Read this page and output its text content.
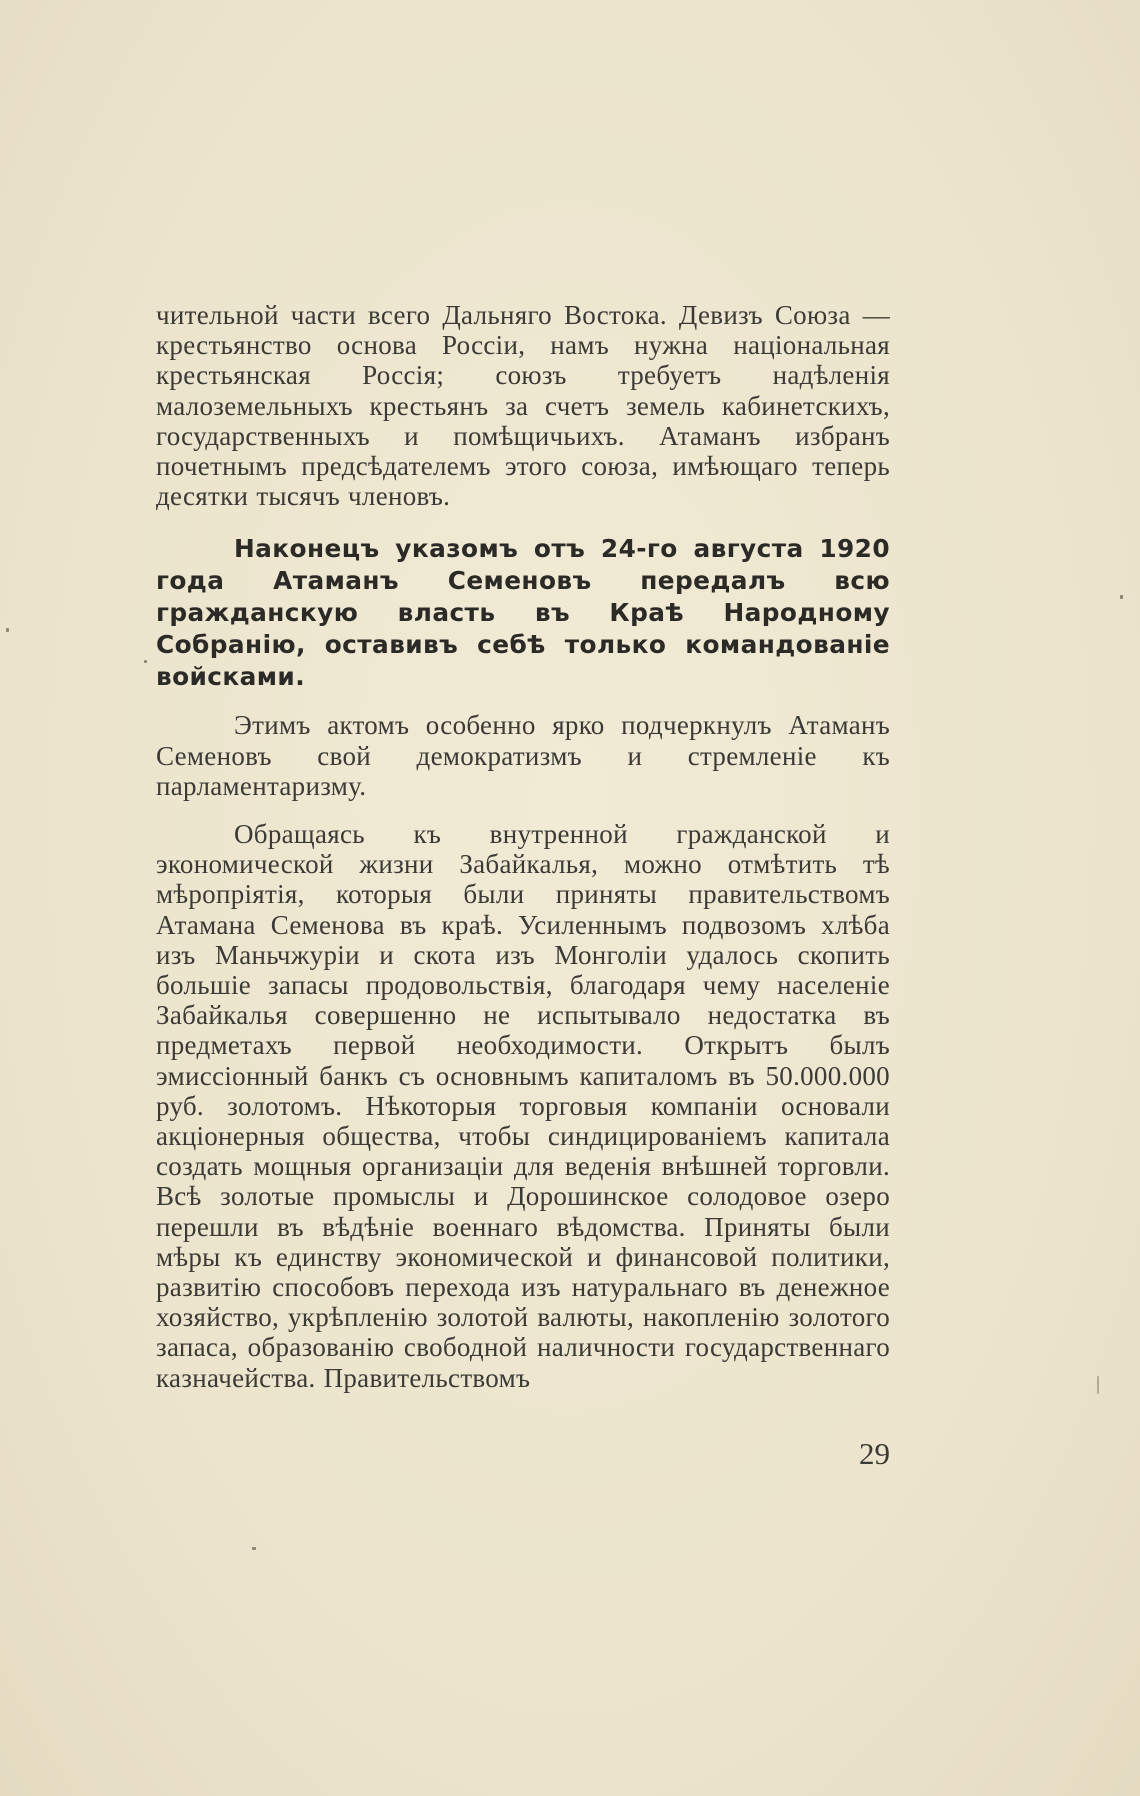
чительной части всего Дальняго Востока. Девизъ Союза — крестьянство основа Россіи, намъ нужна національная крестьянская Россія; союзъ требуетъ надѣленія малоземельныхъ крестьянъ за счетъ земель кабинетскихъ, государственныхъ и помѣщичьихъ. Атаманъ избранъ почетнымъ предсѣдателемъ этого союза, имѣющаго теперь десятки тысячъ членовъ.

Наконецъ указомъ отъ 24-го августа 1920 года Атаманъ Семеновъ передалъ всю гражданскую власть въ Краѣ Народному Собранію, оставивъ себѣ только командованіе войсками.

Этимъ актомъ особенно ярко подчеркнулъ Атаманъ Семеновъ свой демократизмъ и стремленіе къ парламентаризму.

Обращаясь къ внутренной гражданской и экономической жизни Забайкалья, можно отмѣтить тѣ мѣропріятія, которыя были приняты правительствомъ Атамана Семенова въ краѣ. Усиленнымъ подвозомъ хлѣба изъ Маньчжуріи и скота изъ Монголіи удалось скопить большіе запасы продовольствія, благодаря чему населеніе Забайкалья совершенно не испытывало недостатка въ предметахъ первой необходимости. Открытъ былъ эмиссіонный банкъ съ основнымъ капиталомъ въ 50.000.000 руб. золотомъ. Нѣкоторыя торговыя компаніи основали акціонерныя общества, чтобы синдицированіемъ капитала создать мощныя организаціи для веденія внѣшней торговли. Всѣ золотые промыслы и Дорошинское солодовое озеро перешли въ вѣдѣніе военнаго вѣдомства. Приняты были мѣры къ единству экономической и финансовой политики, развитію способовъ перехода изъ натуральнаго въ денежное хозяйство, укрѣпленію золотой валюты, накопленію золотого запаса, образованію свободной наличности государственнаго казначейства. Правительствомъ

29
